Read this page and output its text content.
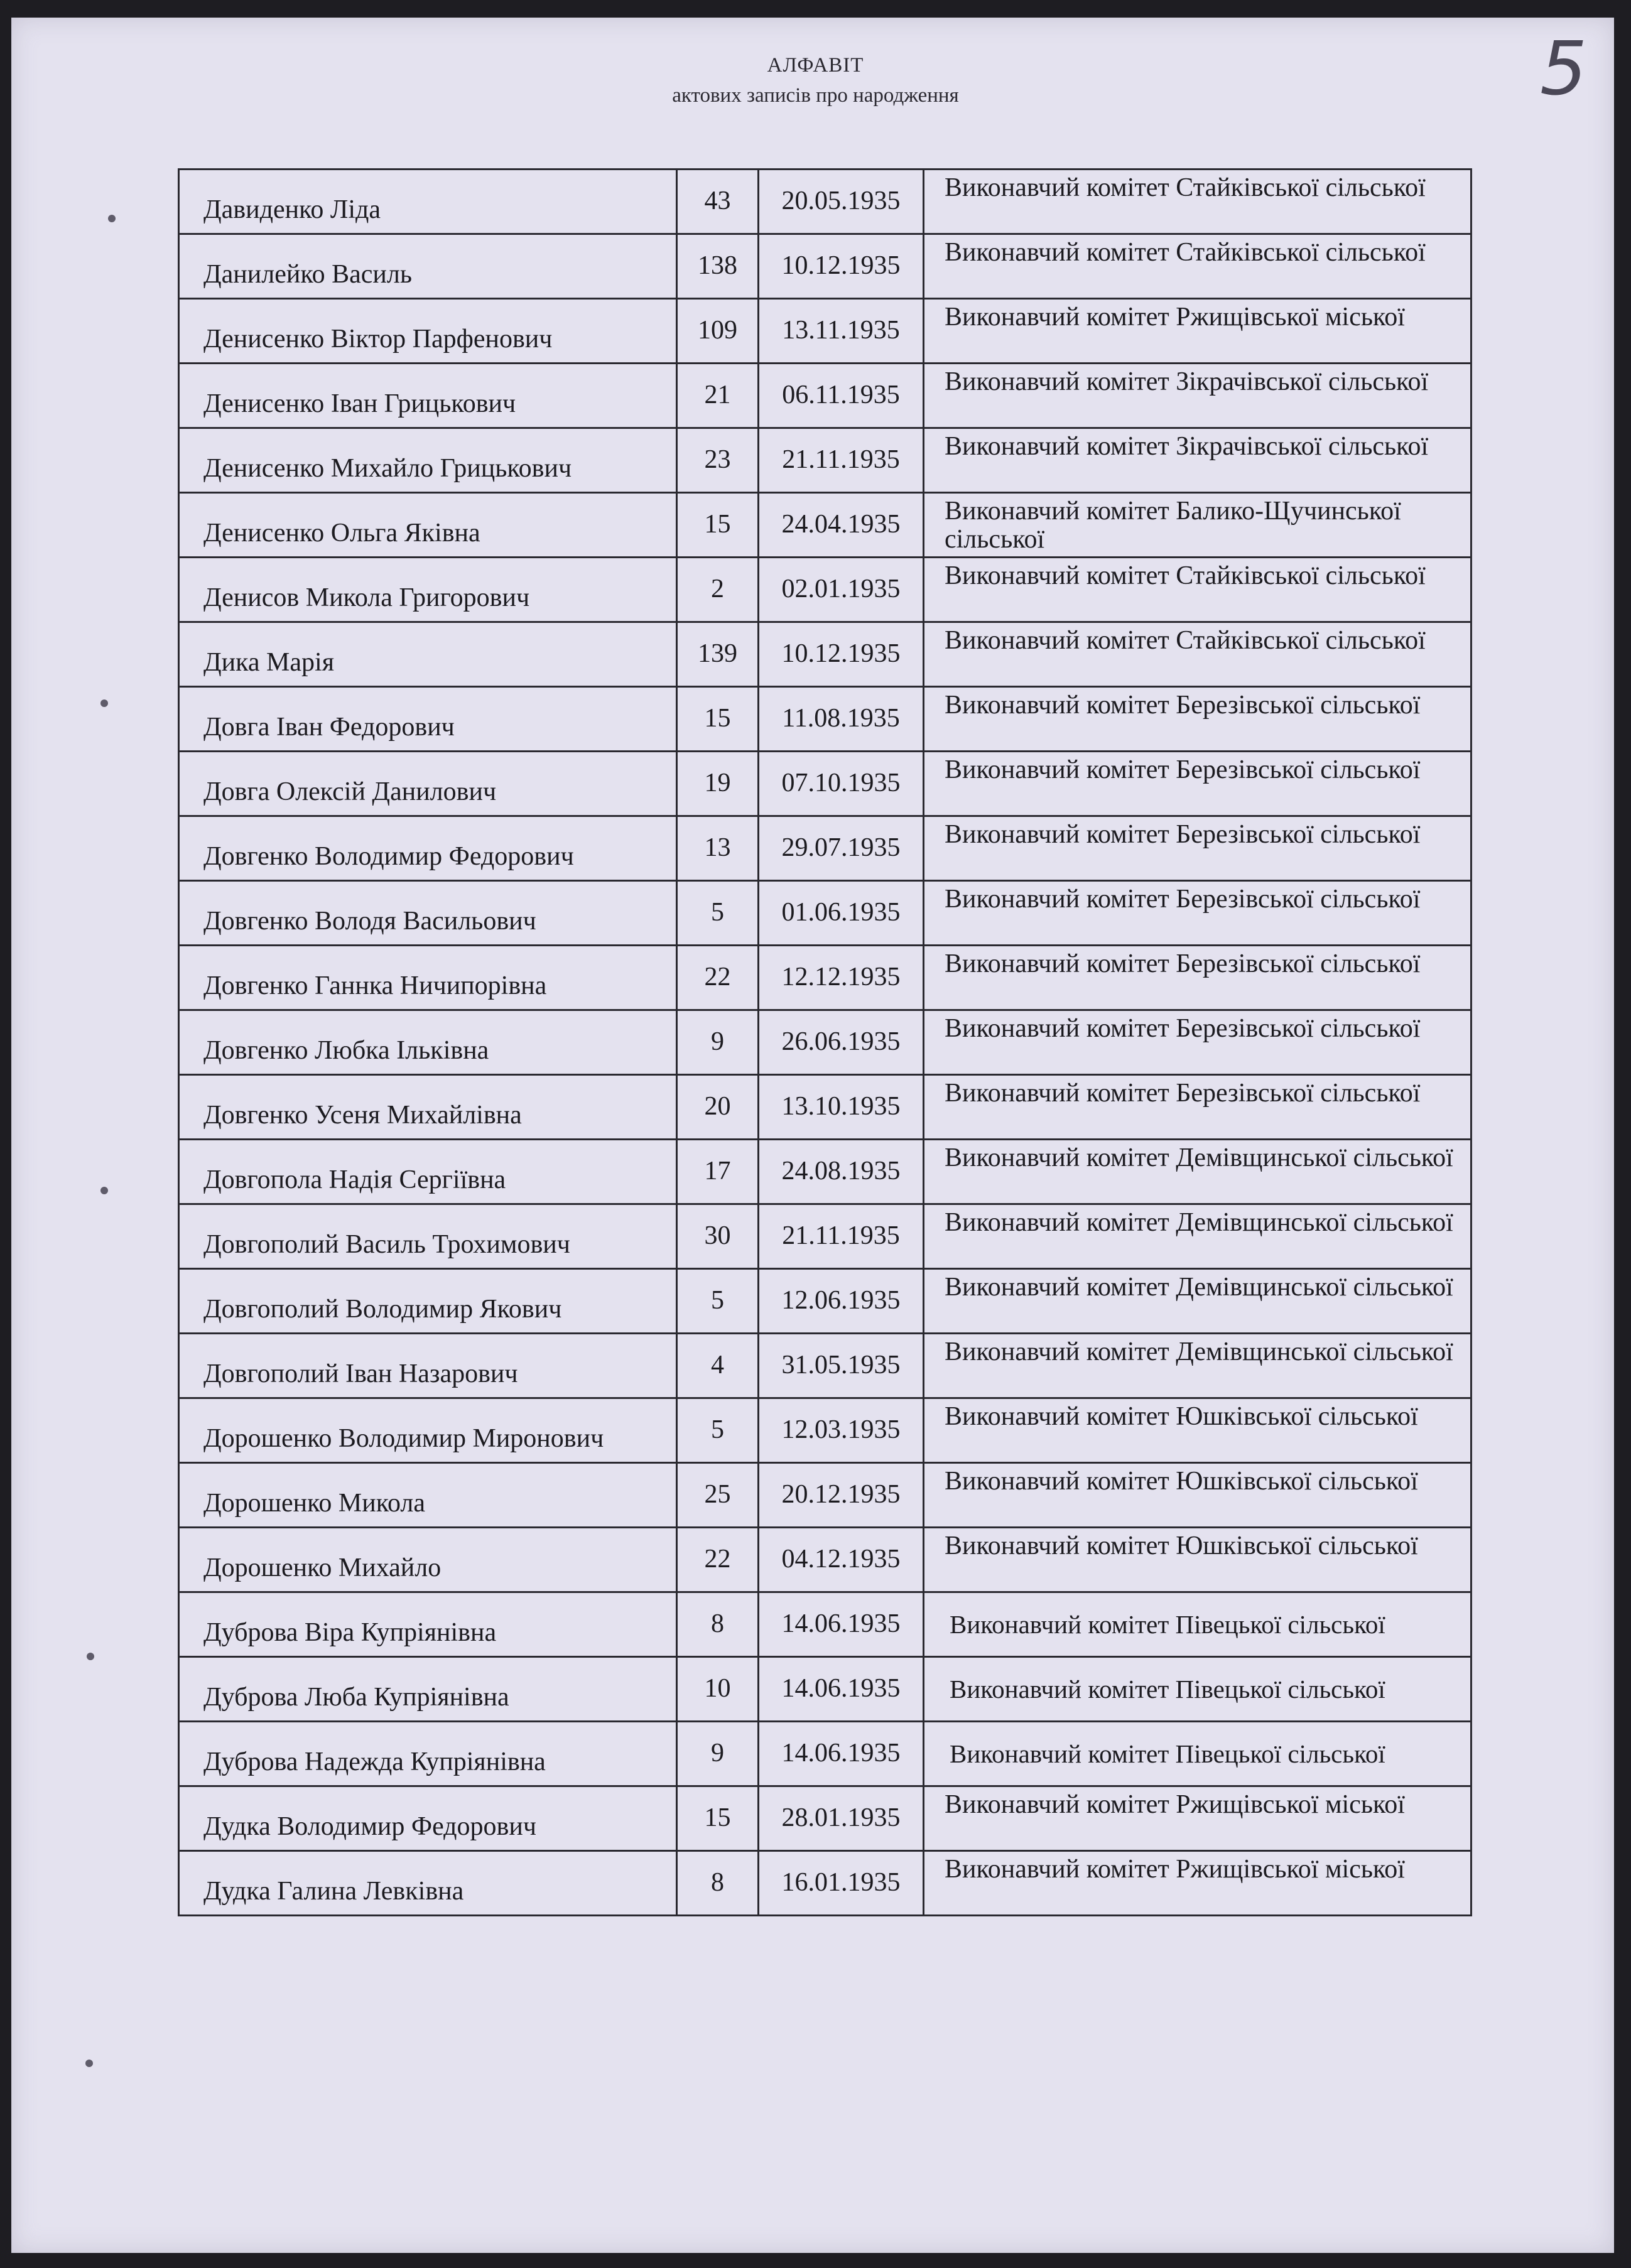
5
АЛФАВІТ
актових записів про народження
Давиденко Ліда	43	20.05.1935	Виконавчий комітет Стайківської сільської
Данилейко Василь	138	10.12.1935	Виконавчий комітет Стайківської сільської
Денисенко Віктор Парфенович	109	13.11.1935	Виконавчий комітет Ржищівської міської
Денисенко Іван Грицькович	21	06.11.1935	Виконавчий комітет Зікрачівської сільської
Денисенко Михайло Грицькович	23	21.11.1935	Виконавчий комітет Зікрачівської сільської
Денисенко Ольга Яківна	15	24.04.1935	Виконавчий комітет Балико-Щучинської сільської
Денисов Микола Григорович	2	02.01.1935	Виконавчий комітет Стайківської сільської
Дика Марія	139	10.12.1935	Виконавчий комітет Стайківської сільської
Довга Іван Федорович	15	11.08.1935	Виконавчий комітет Березівської сільської
Довга Олексій Данилович	19	07.10.1935	Виконавчий комітет Березівської сільської
Довгенко Володимир Федорович	13	29.07.1935	Виконавчий комітет Березівської сільської
Довгенко Володя Васильович	5	01.06.1935	Виконавчий комітет Березівської сільської
Довгенко Ганнка Ничипорівна	22	12.12.1935	Виконавчий комітет Березівської сільської
Довгенко Любка Ільківна	9	26.06.1935	Виконавчий комітет Березівської сільської
Довгенко Усеня Михайлівна	20	13.10.1935	Виконавчий комітет Березівської сільської
Довгопола Надія Сергіївна	17	24.08.1935	Виконавчий комітет Демівщинської сільської
Довгополий Василь Трохимович	30	21.11.1935	Виконавчий комітет Демівщинської сільської
Довгополий Володимир Якович	5	12.06.1935	Виконавчий комітет Демівщинської сільської
Довгополий Іван Назарович	4	31.05.1935	Виконавчий комітет Демівщинської сільської
Дорошенко Володимир Миронович	5	12.03.1935	Виконавчий комітет Юшківської сільської
Дорошенко Микола	25	20.12.1935	Виконавчий комітет Юшківської сільської
Дорошенко Михайло	22	04.12.1935	Виконавчий комітет Юшківської сільської
Дуброва Віра Купріянівна	8	14.06.1935	Виконавчий комітет Півецької сільської
Дуброва Люба Купріянівна	10	14.06.1935	Виконавчий комітет Півецької сільської
Дуброва Надежда Купріянівна	9	14.06.1935	Виконавчий комітет Півецької сільської
Дудка Володимир Федорович	15	28.01.1935	Виконавчий комітет Ржищівської міської
Дудка Галина Левківна	8	16.01.1935	Виконавчий комітет Ржищівської міської
